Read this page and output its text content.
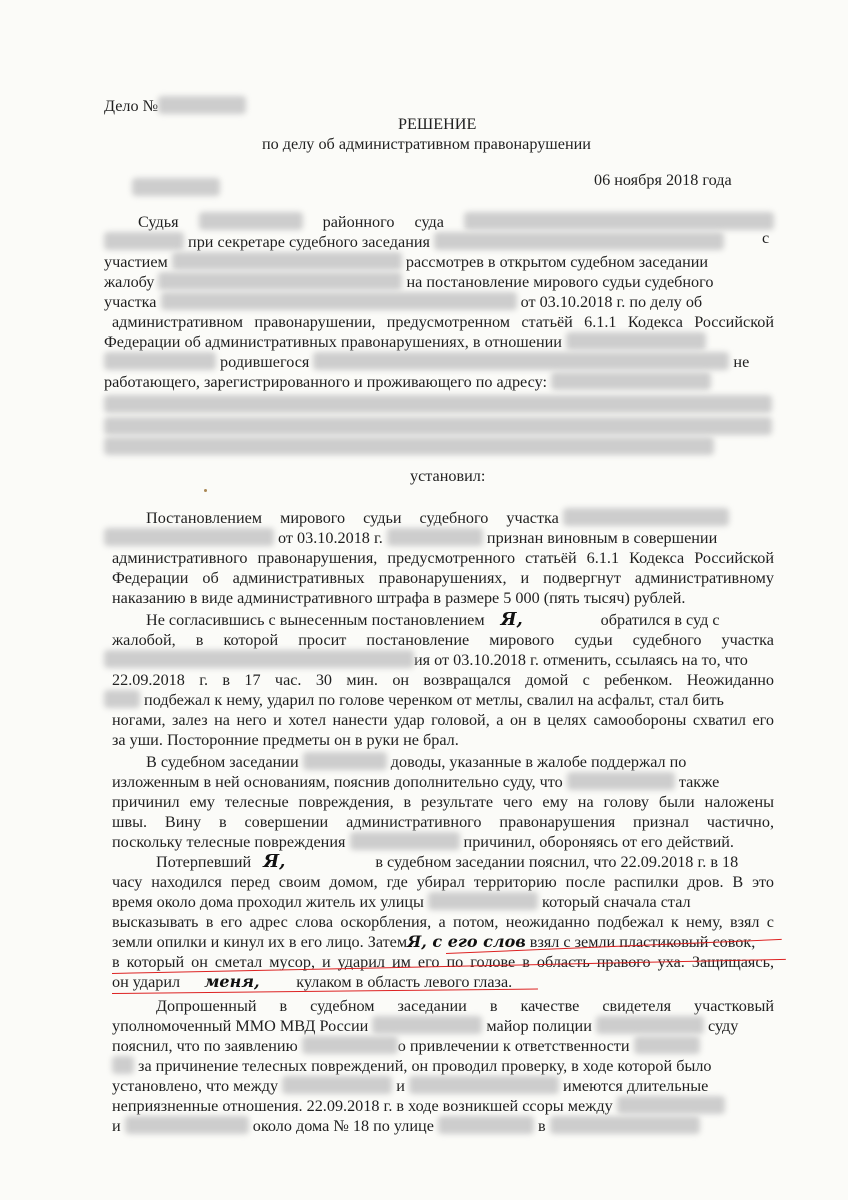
Дело №
РЕШЕНИЕ
по делу об административном правонарушении
06 ноября 2018 года
Судья	районного суда
с
при секретаре судебного заседания
участием	рассмотрев в открытом судебном заседании
жалобу	на постановление мирового судьи судебного
участка	от 03.10.2018 г. по делу об
административном правонарушении, предусмотренном статьёй 6.1.1 Кодекса Российской
Федерации об административных правонарушениях, в отношении
родившегося	не
работающего, зарегистрированного и проживающего по адресу:
установил:
Постановлением мирового судьи судебного участка
от 03.10.2018 г.	признан виновным в совершении
административного правонарушения, предусмотренного статьёй 6.1.1 Кодекса Российской
Федерации об административных правонарушениях, и подвергнут административному
наказанию в виде административного штрафа в размере 5 000 (пять тысяч) рублей.
Не согласившись с вынесенным постановлением Я,	обратился в суд с
жалобой, в которой просит постановление мирового судьи судебного участка
ия от 03.10.2018 г. отменить, ссылаясь на то, что
22.09.2018 г. в 17 час. 30 мин. он возвращался домой с ребенком. Неожиданно
подбежал к нему, ударил по голове черенком от метлы, свалил на асфальт, стал бить
ногами, залез на него и хотел нанести удар головой, а он в целях самообороны схватил его
за уши. Посторонние предметы он в руки не брал.
В судебном заседании	доводы, указанные в жалобе поддержал по
изложенным в ней основаниям, пояснив дополнительно суду, что	также
причинил ему телесные повреждения, в результате чего ему на голову были наложены
швы. Вину в совершении административного правонарушения признал частично,
поскольку телесные повреждения	причинил, обороняясь от его действий.
Потерпевший Я,	в судебном заседании пояснил, что 22.09.2018 г. в 18
часу находился перед своим домом, где убирал территорию после распилки дров. В это
время около дома проходил житель их улицы	который сначала стал
высказывать в его адрес слова оскорбления, а потом, неожиданно подбежал к нему, взял с
земли опилки и кинул их в его лицо. ЗатемЯ, с его слов взял с земли пластиковый совок,
в который он сметал мусор, и ударил им его по голове в область правого уха. Защищаясь,
он ударил меня, кулаком в область левого глаза.
Допрошенный в судебном заседании в качестве свидетеля участковый
уполномоченный ММО МВД России	майор полиции	суду
пояснил, что по заявлению	о привлечении к ответственности
за причинение телесных повреждений, он проводил проверку, в ходе которой было
установлено, что между	и	имеются длительные
неприязненные отношения. 22.09.2018 г. в ходе возникшей ссоры между
и	около дома № 18 по улице	в
